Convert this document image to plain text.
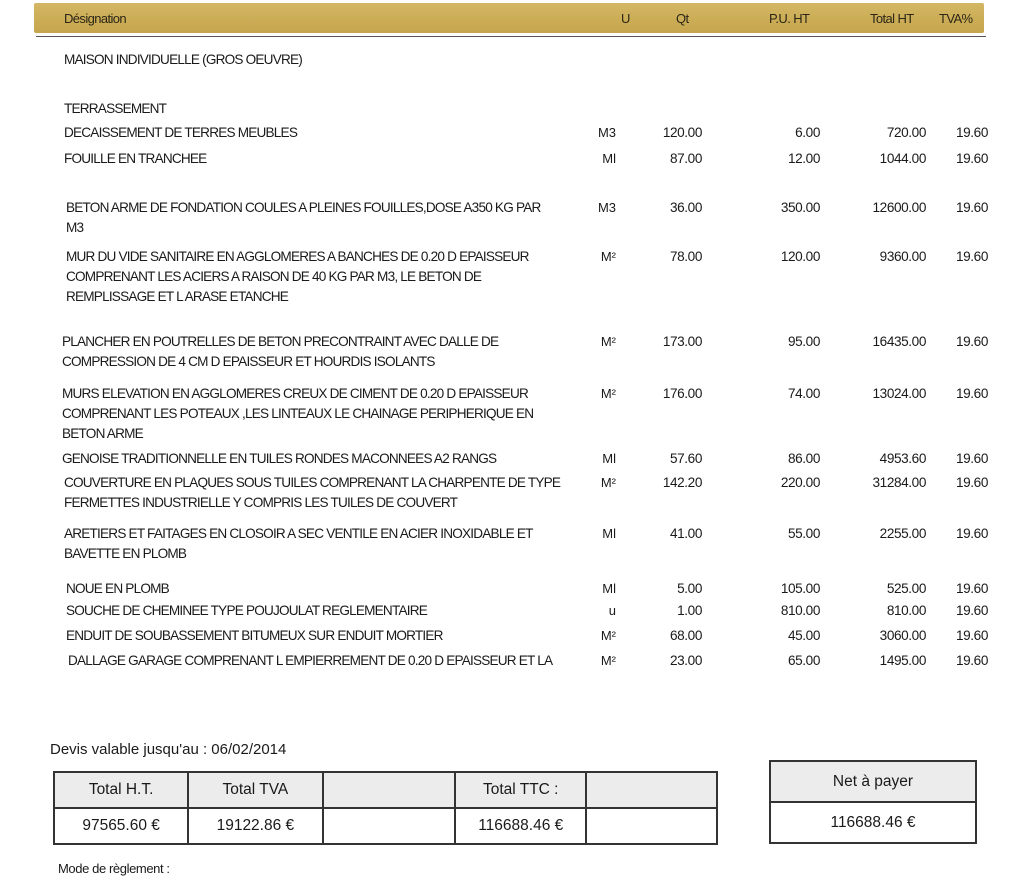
Désignation	U	Qt	P.U. HT	Total HT TVA%
MAISON INDIVIDUELLE (GROS OEUVRE)
TERRASSEMENT
DECAISSEMENT DE TERRES MEUBLES	M3	120.00	6.00	720.00 19.60
FOUILLE EN TRANCHEE	Ml	87.00	12.00	1044.00 19.60
BETON ARME DE FONDATION COULES A PLEINES FOUILLES,DOSE A350 KG PAR
M3
M3	36.00	350.00	12600.00 19.60
MUR DU VIDE SANITAIRE EN AGGLOMERES A BANCHES DE 0.20 D EPAISSEUR
COMPRENANT LES ACIERS A RAISON DE 40 KG PAR M3, LE BETON DE
REMPLISSAGE ET L ARASE ETANCHE
M²	78.00	120.00	9360.00 19.60
PLANCHER EN POUTRELLES DE BETON PRECONTRAINT AVEC DALLE DE
COMPRESSION DE 4 CM D EPAISSEUR ET HOURDIS ISOLANTS
M²	173.00	95.00	16435.00 19.60
MURS ELEVATION EN AGGLOMERES CREUX DE CIMENT DE 0.20 D EPAISSEUR
COMPRENANT LES POTEAUX ,LES LINTEAUX LE CHAINAGE PERIPHERIQUE EN
BETON ARME
M²	176.00	74.00	13024.00 19.60
GENOISE TRADITIONNELLE EN TUILES RONDES MACONNEES A2 RANGS	Ml	57.60	86.00	4953.60 19.60
COUVERTURE EN PLAQUES SOUS TUILES COMPRENANT LA CHARPENTE DE TYPE
FERMETTES INDUSTRIELLE Y COMPRIS LES TUILES DE COUVERT
M²	142.20	220.00	31284.00 19.60
ARETIERS ET FAITAGES EN CLOSOIR A SEC VENTILE EN ACIER INOXIDABLE ET
BAVETTE EN PLOMB
Ml	41.00	55.00	2255.00 19.60
NOUE EN PLOMB	Ml	5.00	105.00	525.00 19.60
SOUCHE DE CHEMINEE TYPE POUJOULAT REGLEMENTAIRE	u	1.00	810.00	810.00 19.60
ENDUIT DE SOUBASSEMENT BITUMEUX SUR ENDUIT MORTIER	M²	68.00	45.00	3060.00 19.60
DALLAGE GARAGE COMPRENANT L EMPIERREMENT DE 0.20 D EPAISSEUR ET LA	M²	23.00	65.00	1495.00 19.60
Devis valable jusqu'au : 06/02/2014
Total H.T.	Total TVA		Total TTC :	
97565.60 €	19122.86 €		116688.46 €	
Net à payer
116688.46 €
Mode de règlement :
